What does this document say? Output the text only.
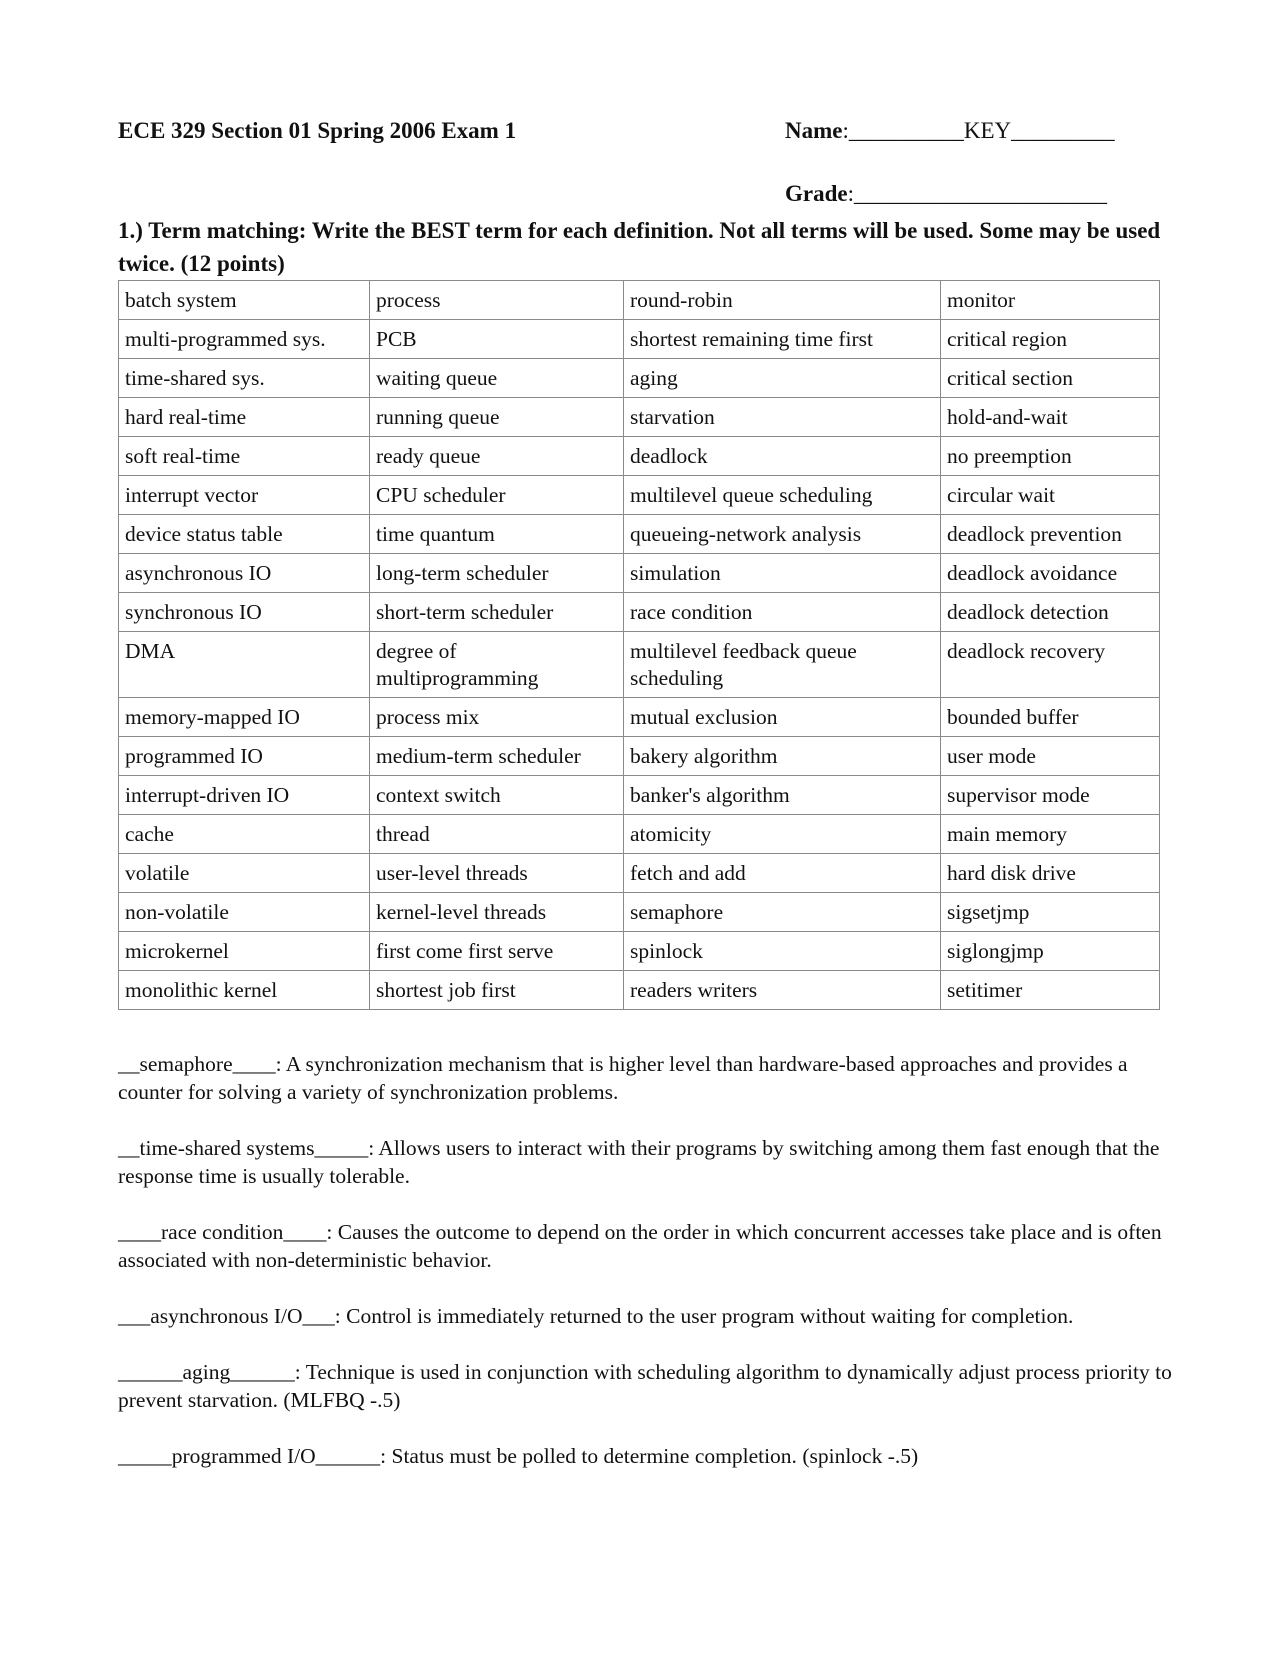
ECE 329 Section 01 Spring 2006 Exam 1	Name:__________KEY_________
Grade:______________________
1.) Term matching: Write the BEST term for each definition. Not all terms will be used. Some may be used twice. (12 points)
batch system	process	round-robin	monitor
multi-programmed sys.	PCB	shortest remaining time first	critical region
time-shared sys.	waiting queue	aging	critical section
hard real-time	running queue	starvation	hold-and-wait
soft real-time	ready queue	deadlock	no preemption
interrupt vector	CPU scheduler	multilevel queue scheduling	circular wait
device status table	time quantum	queueing-network analysis	deadlock prevention
asynchronous IO	long-term scheduler	simulation	deadlock avoidance
synchronous IO	short-term scheduler	race condition	deadlock detection
DMA	degree of multiprogramming	multilevel feedback queue scheduling	deadlock recovery
memory-mapped IO	process mix	mutual exclusion	bounded buffer
programmed IO	medium-term scheduler	bakery algorithm	user mode
interrupt-driven IO	context switch	banker's algorithm	supervisor mode
cache	thread	atomicity	main memory
volatile	user-level threads	fetch and add	hard disk drive
non-volatile	kernel-level threads	semaphore	sigsetjmp
microkernel	first come first serve	spinlock	siglongjmp
monolithic kernel	shortest job first	readers writers	setitimer
__semaphore____: A synchronization mechanism that is higher level than hardware-based approaches and provides a counter for solving a variety of synchronization problems.
__time-shared systems_____: Allows users to interact with their programs by switching among them fast enough that the response time is usually tolerable.
____race condition____: Causes the outcome to depend on the order in which concurrent accesses take place and is often associated with non-deterministic behavior.
___asynchronous I/O___: Control is immediately returned to the user program without waiting for completion.
______aging______: Technique is used in conjunction with scheduling algorithm to dynamically adjust process priority to prevent starvation. (MLFBQ -.5)
_____programmed I/O______: Status must be polled to determine completion. (spinlock -.5)
